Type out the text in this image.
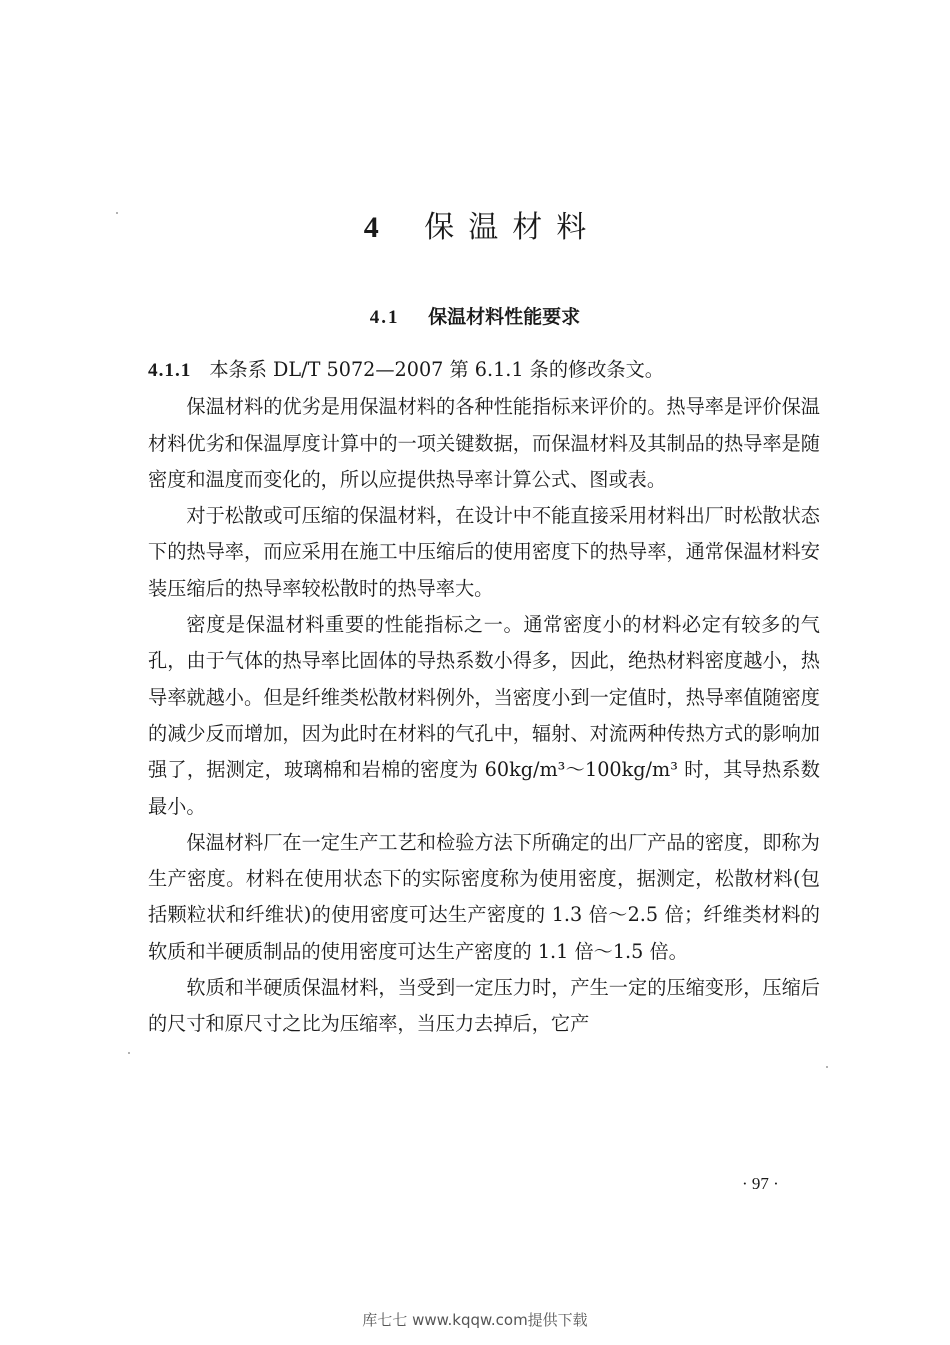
4 保温材料
4.1 保温材料性能要求

4.1.1 本条系 DL/T 5072—2007 第 6.1.1 条的修改条文。

保温材料的优劣是用保温材料的各种性能指标来评价的。热导率是评价保温材料优劣和保温厚度计算中的一项关键数据，而保温材料及其制品的热导率是随密度和温度而变化的，所以应提供热导率计算公式、图或表。

对于松散或可压缩的保温材料，在设计中不能直接采用材料出厂时松散状态下的热导率，而应采用在施工中压缩后的使用密度下的热导率，通常保温材料安装压缩后的热导率较松散时的热导率大。

密度是保温材料重要的性能指标之一。通常密度小的材料必定有较多的气孔，由于气体的热导率比固体的导热系数小得多，因此，绝热材料密度越小，热导率就越小。但是纤维类松散材料例外，当密度小到一定值时，热导率值随密度的减少反而增加，因为此时在材料的气孔中，辐射、对流两种传热方式的影响加强了，据测定，玻璃棉和岩棉的密度为 60kg/m³～100kg/m³ 时，其导热系数最小。

保温材料厂在一定生产工艺和检验方法下所确定的出厂产品的密度，即称为生产密度。材料在使用状态下的实际密度称为使用密度，据测定，松散材料(包括颗粒状和纤维状)的使用密度可达生产密度的 1.3 倍～2.5 倍；纤维类材料的软质和半硬质制品的使用密度可达生产密度的 1.1 倍～1.5 倍。

软质和半硬质保温材料，当受到一定压力时，产生一定的压缩变形，压缩后的尺寸和原尺寸之比为压缩率，当压力去掉后，它产

· 97 ·
库七七 www.kqqw.com提供下载
